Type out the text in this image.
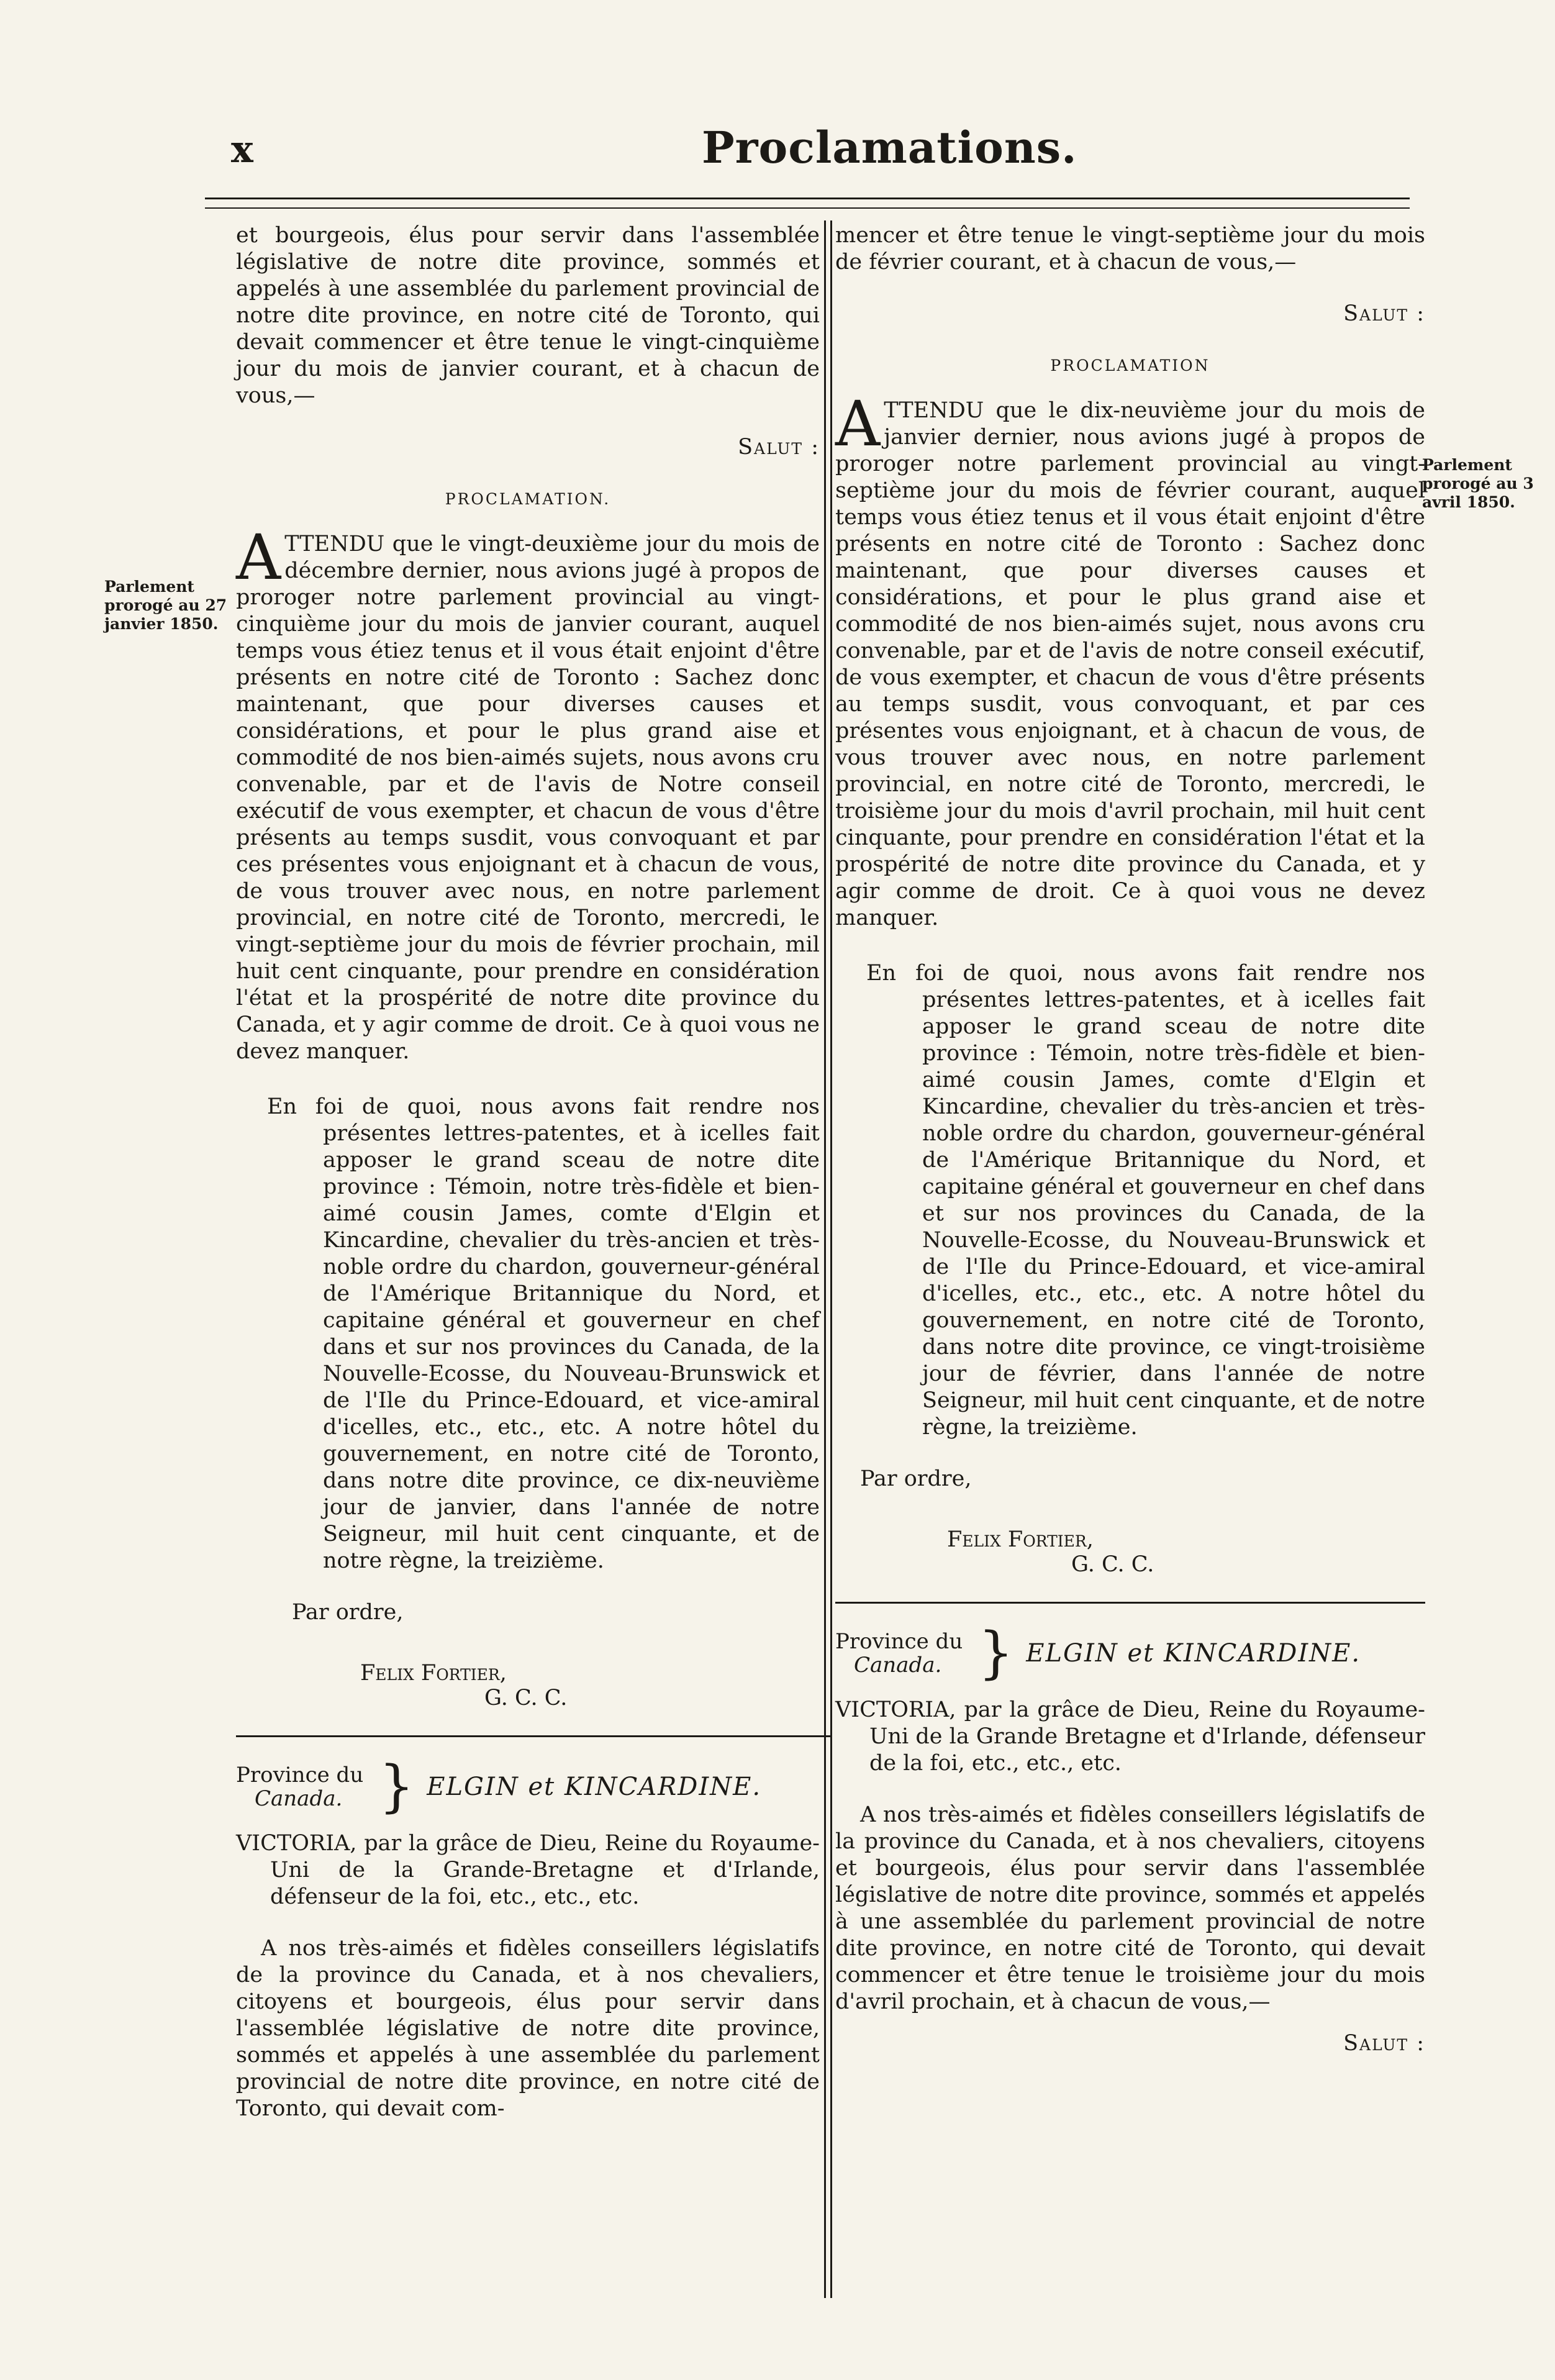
x	Proclamations.

et bourgeois, élus pour servir dans l'assemblée législative de notre dite province, sommés et appelés à une assemblée du parlement provincial de notre dite province, en notre cité de Toronto, qui devait commencer et être tenue le vingt-cinquième jour du mois de janvier courant, et à chacun de vous,—

Salut :

PROCLAMATION.

ATTENDU que le vingt-deuxième jour du mois de décembre dernier, nous avions jugé à propos de proroger notre parlement provincial au vingt-cinquième jour du mois de janvier courant, auquel temps vous étiez tenus et il vous était enjoint d'être présents en notre cité de Toronto : Sachez donc maintenant, que pour diverses causes et considérations, et pour le plus grand aise et commodité de nos bien-aimés sujets, nous avons cru convenable, par et de l'avis de Notre conseil exécutif de vous exempter, et chacun de vous d'être présents au temps susdit, vous convoquant et par ces présentes vous enjoignant et à chacun de vous, de vous trouver avec nous, en notre parlement provincial, en notre cité de Toronto, mercredi, le vingt-septième jour du mois de février prochain, mil huit cent cinquante, pour prendre en considération l'état et la prospérité de notre dite province du Canada, et y agir comme de droit. Ce à quoi vous ne devez manquer.

En foi de quoi, nous avons fait rendre nos présentes lettres-patentes, et à icelles fait apposer le grand sceau de notre dite province : Témoin, notre très-fidèle et bien-aimé cousin James, comte d'Elgin et Kincardine, chevalier du très-ancien et très-noble ordre du chardon, gouverneur-général de l'Amérique Britannique du Nord, et capitaine général et gouverneur en chef dans et sur nos provinces du Canada, de la Nouvelle-Ecosse, du Nouveau-Brunswick et de l'Ile du Prince-Edouard, et vice-amiral d'icelles, etc., etc., etc. A notre hôtel du gouvernement, en notre cité de Toronto, dans notre dite province, ce dix-neuvième jour de janvier, dans l'année de notre Seigneur, mil huit cent cinquante, et de notre règne, la treizième.

Par ordre,

Felix Fortier,
G. C. C.
Province du
Canada. } ELGIN et KINCARDINE.

VICTORIA, par la grâce de Dieu, Reine du Royaume-Uni de la Grande-Bretagne et d'Irlande, défenseur de la foi, etc., etc., etc.

A nos très-aimés et fidèles conseillers législatifs de la province du Canada, et à nos chevaliers, citoyens et bourgeois, élus pour servir dans l'assemblée législative de notre dite province, sommés et appelés à une assemblée du parlement provincial de notre dite province, en notre cité de Toronto, qui devait com-

mencer et être tenue le vingt-septième jour du mois de février courant, et à chacun de vous,—

Salut :

PROCLAMATION

ATTENDU que le dix-neuvième jour du mois de janvier dernier, nous avions jugé à propos de proroger notre parlement provincial au vingt-septième jour du mois de février courant, auquel temps vous étiez tenus et il vous était enjoint d'être présents en notre cité de Toronto : Sachez donc maintenant, que pour diverses causes et considérations, et pour le plus grand aise et commodité de nos bien-aimés sujet, nous avons cru convenable, par et de l'avis de notre conseil exécutif, de vous exempter, et chacun de vous d'être présents au temps susdit, vous convoquant, et par ces présentes vous enjoignant, et à chacun de vous, de vous trouver avec nous, en notre parlement provincial, en notre cité de Toronto, mercredi, le troisième jour du mois d'avril prochain, mil huit cent cinquante, pour prendre en considération l'état et la prospérité de notre dite province du Canada, et y agir comme de droit. Ce à quoi vous ne devez manquer.

En foi de quoi, nous avons fait rendre nos présentes lettres-patentes, et à icelles fait apposer le grand sceau de notre dite province : Témoin, notre très-fidèle et bien-aimé cousin James, comte d'Elgin et Kincardine, chevalier du très-ancien et très-noble ordre du chardon, gouverneur-général de l'Amérique Britannique du Nord, et capitaine général et gouverneur en chef dans et sur nos provinces du Canada, de la Nouvelle-Ecosse, du Nouveau-Brunswick et de l'Ile du Prince-Edouard, et vice-amiral d'icelles, etc., etc., etc. A notre hôtel du gouvernement, en notre cité de Toronto, dans notre dite province, ce vingt-troisième jour de février, dans l'année de notre Seigneur, mil huit cent cinquante, et de notre règne, la treizième.

Par ordre,

Felix Fortier,
G. C. C.
Province du
Canada. } ELGIN et KINCARDINE.

VICTORIA, par la grâce de Dieu, Reine du Royaume-Uni de la Grande Bretagne et d'Irlande, défenseur de la foi, etc., etc., etc.

A nos très-aimés et fidèles conseillers législatifs de la province du Canada, et à nos chevaliers, citoyens et bourgeois, élus pour servir dans l'assemblée législative de notre dite province, sommés et appelés à une assemblée du parlement provincial de notre dite province, en notre cité de Toronto, qui devait commencer et être tenue le troisième jour du mois d'avril prochain, et à chacun de vous,—

Salut :

Parlement
prorogé au 27
janvier 1850.
Parlement
prorogé au 3
avril 1850.
